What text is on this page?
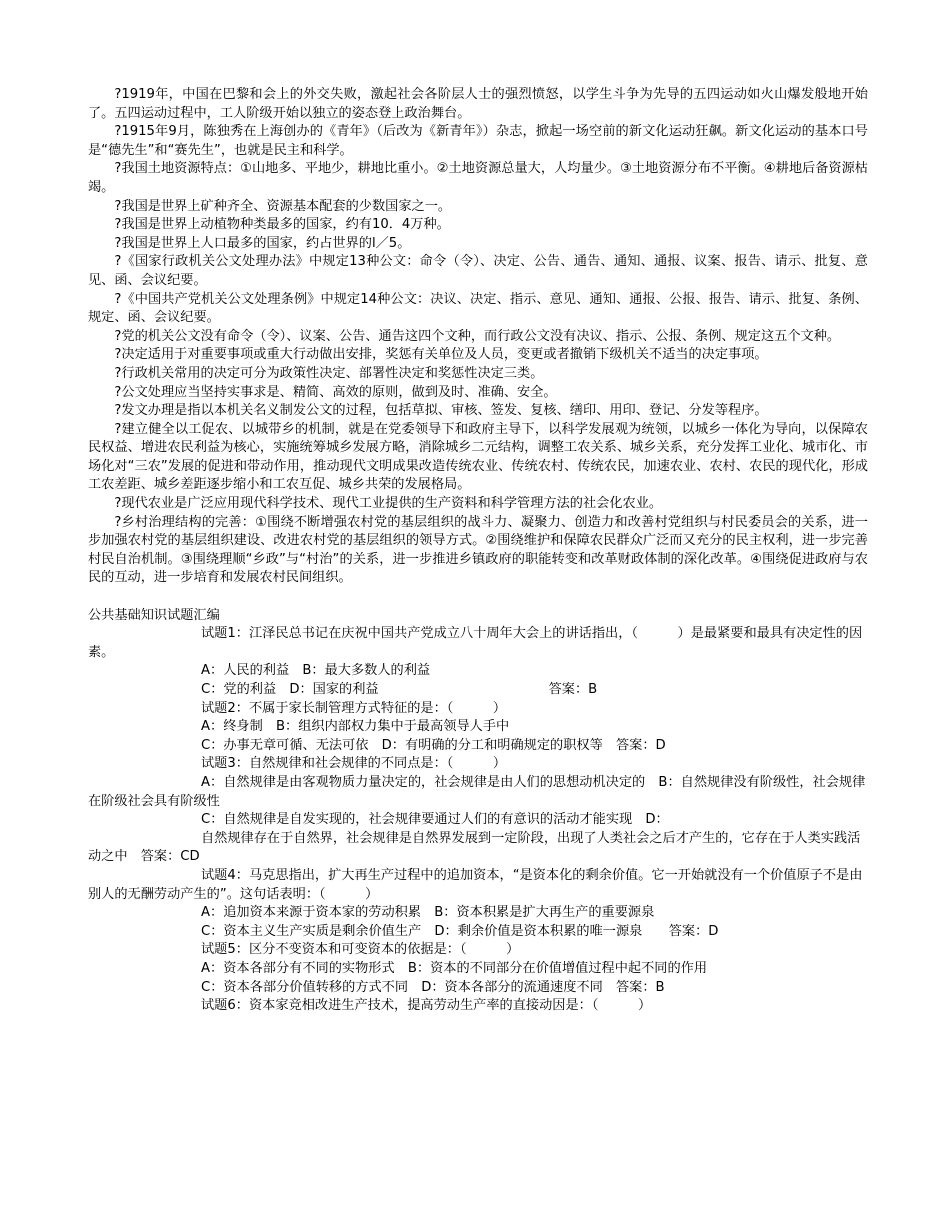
?1919年，中国在巴黎和会上的外交失败，激起社会各阶层人士的强烈愤怒，以学生斗争为先导的五四运动如火山爆发般地开始了。五四运动过程中，工人阶级开始以独立的姿态登上政治舞台。

?1915年9月，陈独秀在上海创办的《青年》（后改为《新青年》）杂志，掀起一场空前的新文化运动狂飙。新文化运动的基本口号是“德先生”和“赛先生”，也就是民主和科学。

?我国土地资源特点：①山地多、平地少，耕地比重小。②土地资源总量大，人均量少。③土地资源分布不平衡。④耕地后备资源枯竭。

?我国是世界上矿种齐全、资源基本配套的少数国家之一。

?我国是世界上动植物种类最多的国家，约有10．4万种。

?我国是世界上人口最多的国家，约占世界的l／5。

?《国家行政机关公文处理办法》中规定13种公文：命令（令）、决定、公告、通告、通知、通报、议案、报告、请示、批复、意见、函、会议纪要。

?《中国共产党机关公文处理条例》中规定14种公文：决议、决定、指示、意见、通知、通报、公报、报告、请示、批复、条例、规定、函、会议纪要。

?党的机关公文没有命令（令）、议案、公告、通告这四个文种，而行政公文没有决议、指示、公报、条例、规定这五个文种。

?决定适用于对重要事项或重大行动做出安排，奖惩有关单位及人员，变更或者撤销下级机关不适当的决定事项。

?行政机关常用的决定可分为政策性决定、部署性决定和奖惩性决定三类。

?公文处理应当坚持实事求是、精简、高效的原则，做到及时、准确、安全。

?发文办理是指以本机关名义制发公文的过程，包括草拟、审核、签发、复核、缮印、用印、登记、分发等程序。

?建立健全以工促农、以城带乡的机制，就是在党委领导下和政府主导下，以科学发展观为统领，以城乡一体化为导向，以保障农民权益、增进农民利益为核心，实施统筹城乡发展方略，消除城乡二元结构，调整工农关系、城乡关系，充分发挥工业化、城市化、市场化对“三农”发展的促进和带动作用，推动现代文明成果改造传统农业、传统农村、传统农民，加速农业、农村、农民的现代化，形成工农差距、城乡差距逐步缩小和工农互促、城乡共荣的发展格局。

?现代农业是广泛应用现代科学技术、现代工业提供的生产资料和科学管理方法的社会化农业。

?乡村治理结构的完善：①围绕不断增强农村党的基层组织的战斗力、凝聚力、创造力和改善村党组织与村民委员会的关系，进一步加强农村党的基层组织建设、改进农村党的基层组织的领导方式。②围绕维护和保障农民群众广泛而又充分的民主权利，进一步完善村民自治机制。③围绕理顺“乡政”与“村治”的关系，进一步推进乡镇政府的职能转变和改革财政体制的深化改革。④围绕促进政府与农民的互动，进一步培育和发展农村民间组织。

公共基础知识试题汇编

试题1：江泽民总书记在庆祝中国共产党成立八十周年大会上的讲话指出，（　　　）是最紧要和最具有决定性的因素。

A：人民的利益　B：最大多数人的利益

C：党的利益　D：国家的利益	答案：B

试题2：不属于家长制管理方式特征的是：（　　　）

A：终身制　B：组织内部权力集中于最高领导人手中

C：办事无章可循、无法可依　D：有明确的分工和明确规定的职权等　答案：D

试题3：自然规律和社会规律的不同点是：（　　　）

A：自然规律是由客观物质力量决定的，社会规律是由人们的思想动机决定的　B：自然规律没有阶级性，社会规律在阶级社会具有阶级性

C：自然规律是自发实现的，社会规律要通过人们的有意识的活动才能实现　D：

自然规律存在于自然界，社会规律是自然界发展到一定阶段，出现了人类社会之后才产生的，它存在于人类实践活动之中　答案：CD

试题4：马克思指出，扩大再生产过程中的追加资本，“是资本化的剩余价值。它一开始就没有一个价值原子不是由别人的无酬劳动产生的”。这句话表明：（　　　）

A：追加资本来源于资本家的劳动积累　B：资本积累是扩大再生产的重要源泉

C：资本主义生产实质是剩余价值生产　D：剩余价值是资本积累的唯一源泉　　答案：D

试题5：区分不变资本和可变资本的依据是：（　　　）

A：资本各部分有不同的实物形式　B：资本的不同部分在价值增值过程中起不同的作用

C：资本各部分价值转移的方式不同　D：资本各部分的流通速度不同　答案：B

试题6：资本家竞相改进生产技术，提高劳动生产率的直接动因是：（　　　）
